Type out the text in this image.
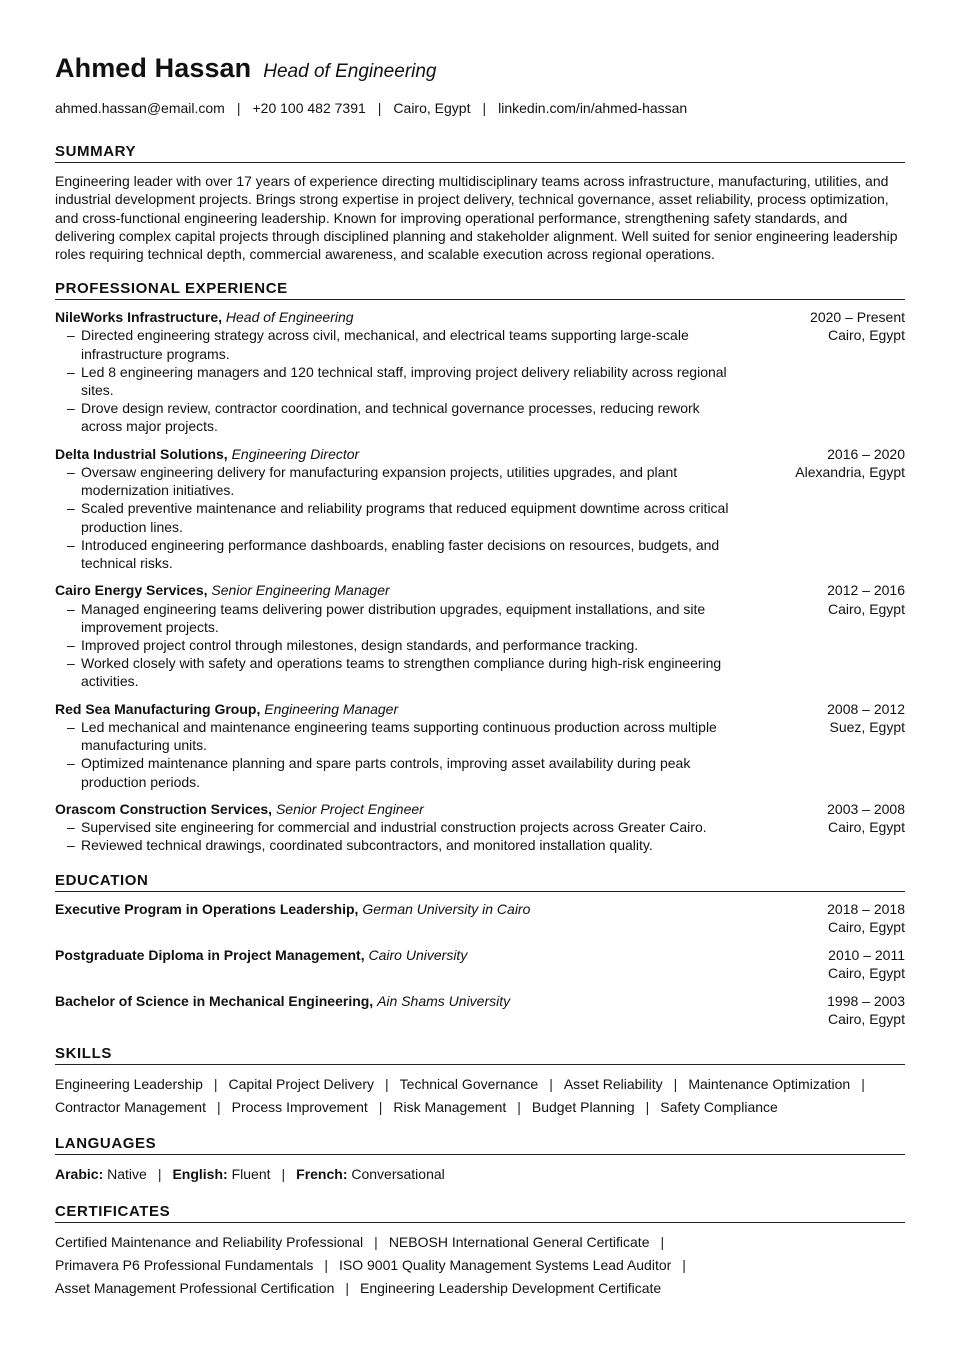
Ahmed Hassan Head of Engineering
ahmed.hassan@email.com | +20 100 482 7391 | Cairo, Egypt | linkedin.com/in/ahmed-hassan
SUMMARY

Engineering leader with over 17 years of experience directing multidisciplinary teams across infrastructure, manufacturing, utilities, and industrial development projects. Brings strong expertise in project delivery, technical governance, asset reliability, process optimization, and cross-functional engineering leadership. Known for improving operational performance, strengthening safety standards, and delivering complex capital projects through disciplined planning and stakeholder alignment. Well suited for senior engineering leadership roles requiring technical depth, commercial awareness, and scalable execution across regional operations.

PROFESSIONAL EXPERIENCE
NileWorks Infrastructure, Head of Engineering
– Directed engineering strategy across civil, mechanical, and electrical teams supporting large-scale infrastructure programs.
– Led 8 engineering managers and 120 technical staff, improving project delivery reliability across regional sites.
– Drove design review, contractor coordination, and technical governance processes, reducing rework across major projects.
2020 – Present
Cairo, Egypt
Delta Industrial Solutions, Engineering Director
– Oversaw engineering delivery for manufacturing expansion projects, utilities upgrades, and plant modernization initiatives.
– Scaled preventive maintenance and reliability programs that reduced equipment downtime across critical production lines.
– Introduced engineering performance dashboards, enabling faster decisions on resources, budgets, and technical risks.
2016 – 2020
Alexandria, Egypt
Cairo Energy Services, Senior Engineering Manager
– Managed engineering teams delivering power distribution upgrades, equipment installations, and site improvement projects.
– Improved project control through milestones, design standards, and performance tracking.
– Worked closely with safety and operations teams to strengthen compliance during high-risk engineering activities.
2012 – 2016
Cairo, Egypt
Red Sea Manufacturing Group, Engineering Manager
– Led mechanical and maintenance engineering teams supporting continuous production across multiple manufacturing units.
– Optimized maintenance planning and spare parts controls, improving asset availability during peak production periods.
2008 – 2012
Suez, Egypt
Orascom Construction Services, Senior Project Engineer
– Supervised site engineering for commercial and industrial construction projects across Greater Cairo.
– Reviewed technical drawings, coordinated subcontractors, and monitored installation quality.
2003 – 2008
Cairo, Egypt
EDUCATION
Executive Program in Operations Leadership, German University in Cairo	2018 – 2018
Cairo, Egypt
Postgraduate Diploma in Project Management, Cairo University	2010 – 2011
Cairo, Egypt
Bachelor of Science in Mechanical Engineering, Ain Shams University	1998 – 2003
Cairo, Egypt
SKILLS
Engineering Leadership | Capital Project Delivery | Technical Governance | Asset Reliability | Maintenance Optimization |
Contractor Management | Process Improvement | Risk Management | Budget Planning | Safety Compliance
LANGUAGES
Arabic:
Native | English:
Fluent | French:
Conversational
CERTIFICATES
Certified Maintenance and Reliability Professional | NEBOSH International General Certificate |
Primavera P6 Professional Fundamentals | ISO 9001 Quality Management Systems Lead Auditor |
Asset Management Professional Certification | Engineering Leadership Development Certificate
